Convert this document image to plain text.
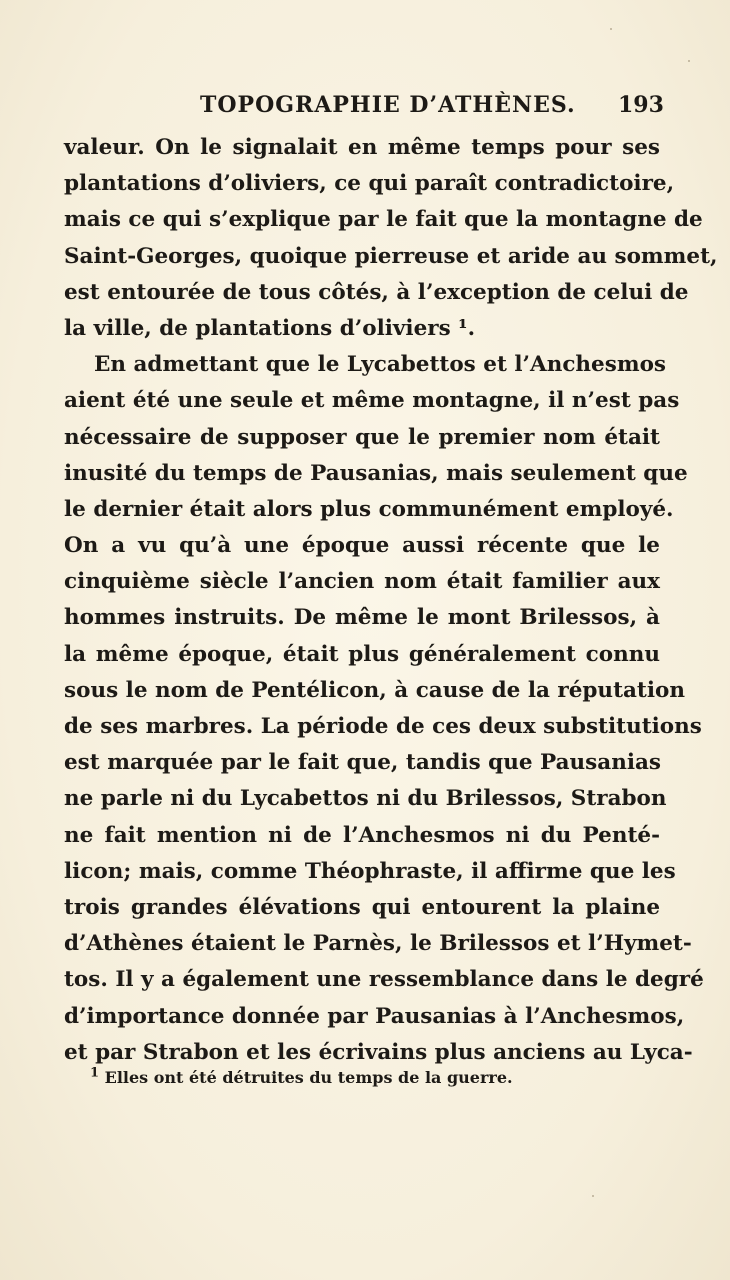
TOPOGRAPHIE D’ATHÈNES. 193
valeur. On le signalait en même temps pour ses
plantations d’oliviers, ce qui paraît contradictoire,
mais ce qui s’explique par le fait que la montagne de
Saint-Georges, quoique pierreuse et aride au sommet,
est entourée de tous côtés, à l’exception de celui de
la ville, de plantations d’oliviers ¹.
En admettant que le Lycabettos et l’Anchesmos
aient été une seule et même montagne, il n’est pas
nécessaire de supposer que le premier nom était
inusité du temps de Pausanias, mais seulement que
le dernier était alors plus communément employé.
On a vu qu’à une époque aussi récente que le
cinquième siècle l’ancien nom était familier aux
hommes instruits. De même le mont Brilessos, à
la même époque, était plus généralement connu
sous le nom de Pentélicon, à cause de la réputation
de ses marbres. La période de ces deux substitutions
est marquée par le fait que, tandis que Pausanias
ne parle ni du Lycabettos ni du Brilessos, Strabon
ne fait mention ni de l’Anchesmos ni du Penté-
licon; mais, comme Théophraste, il affirme que les
trois grandes élévations qui entourent la plaine
d’Athènes étaient le Parnès, le Brilessos et l’Hymet-
tos. Il y a également une ressemblance dans le degré
d’importance donnée par Pausanias à l’Anchesmos,
et par Strabon et les écrivains plus anciens au Lyca-
$^1$ Elles ont été détruites du temps de la guerre.
